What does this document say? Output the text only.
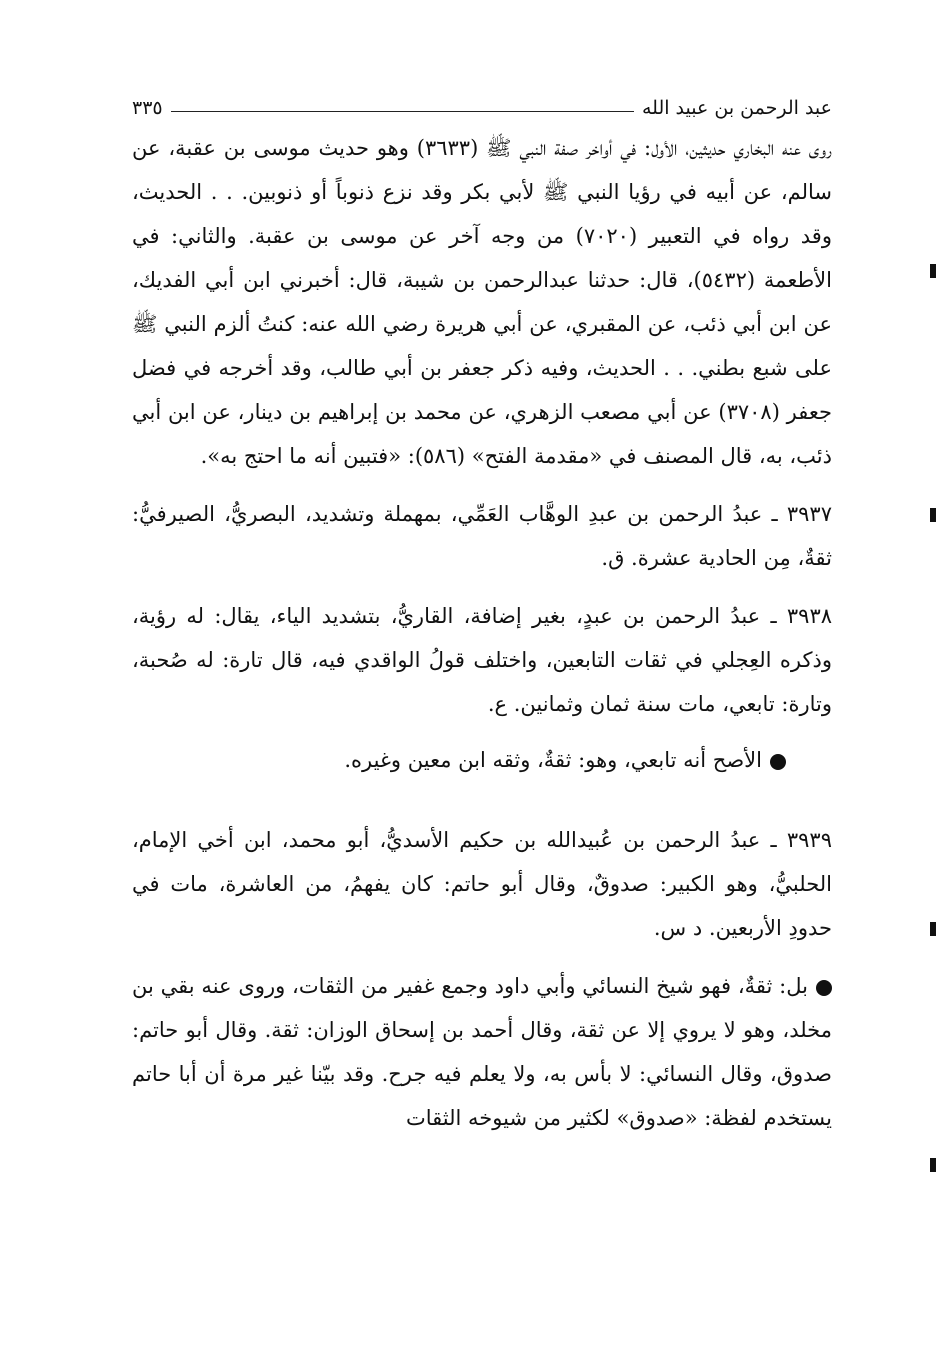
عبد الرحمن بن عبيد الله
٣٣٥

روى عنه البخاري حديثين، الأول: في أواخر صفة النبي ﷺ (٣٦٣٣) وهو حديث موسى بن عقبة، عن سالم، عن أبيه في رؤيا النبي ﷺ لأبي بكر وقد نزع ذنوباً أو ذنوبين. . . الحديث، وقد رواه في التعبير (٧٠٢٠) من وجه آخر عن موسى بن عقبة. والثاني: في الأطعمة (٥٤٣٢)، قال: حدثنا عبدالرحمن بن شيبة، قال: أخبرني ابن أبي الفديك، عن ابن أبي ذئب، عن المقبري، عن أبي هريرة رضي الله عنه: كنتُ ألزم النبي ﷺ على شبع بطني. . . الحديث، وفيه ذكر جعفر بن أبي طالب، وقد أخرجه في فضل جعفر (٣٧٠٨) عن أبي مصعب الزهري، عن محمد بن إبراهيم بن دينار، عن ابن أبي ذئب، به، قال المصنف في «مقدمة الفتح» (٥٨٦): «فتبين أنه ما احتج به».

٣٩٣٧ ـ عبدُ الرحمن بن عبدِ الوهَّاب العَمِّي، بمهملة وتشديد، البصريُّ، الصيرفيُّ: ثقةٌ، مِن الحادية عشرة. ق.

٣٩٣٨ ـ عبدُ الرحمن بن عبدٍ، بغير إضافة، القاريُّ، بتشديد الياء، يقال: له رؤية، وذكره العِجلي في ثقات التابعين، واختلف قولُ الواقدي فيه، قال تارة: له صُحبة، وتارة: تابعي، مات سنة ثمان وثمانين. ع.

الأصح أنه تابعي، وهو: ثقةٌ، وثقه ابن معين وغيره.

٣٩٣٩ ـ عبدُ الرحمن بن عُبيدالله بن حكيم الأسديُّ، أبو محمد، ابن أخي الإمام، الحلبيُّ، وهو الكبير: صدوقٌ، وقال أبو حاتم: كان يفهمُ، من العاشرة، مات في حدودِ الأربعين. د س.

بل: ثقةٌ، فهو شيخ النسائي وأبي داود وجمع غفير من الثقات، وروى عنه بقي بن مخلد، وهو لا يروي إلا عن ثقة، وقال أحمد بن إسحاق الوزان: ثقة. وقال أبو حاتم: صدوق، وقال النسائي: لا بأس به، ولا يعلم فيه جرح. وقد بيّنا غير مرة أن أبا حاتم يستخدم لفظة: «صدوق» لكثير من شيوخه الثقات
